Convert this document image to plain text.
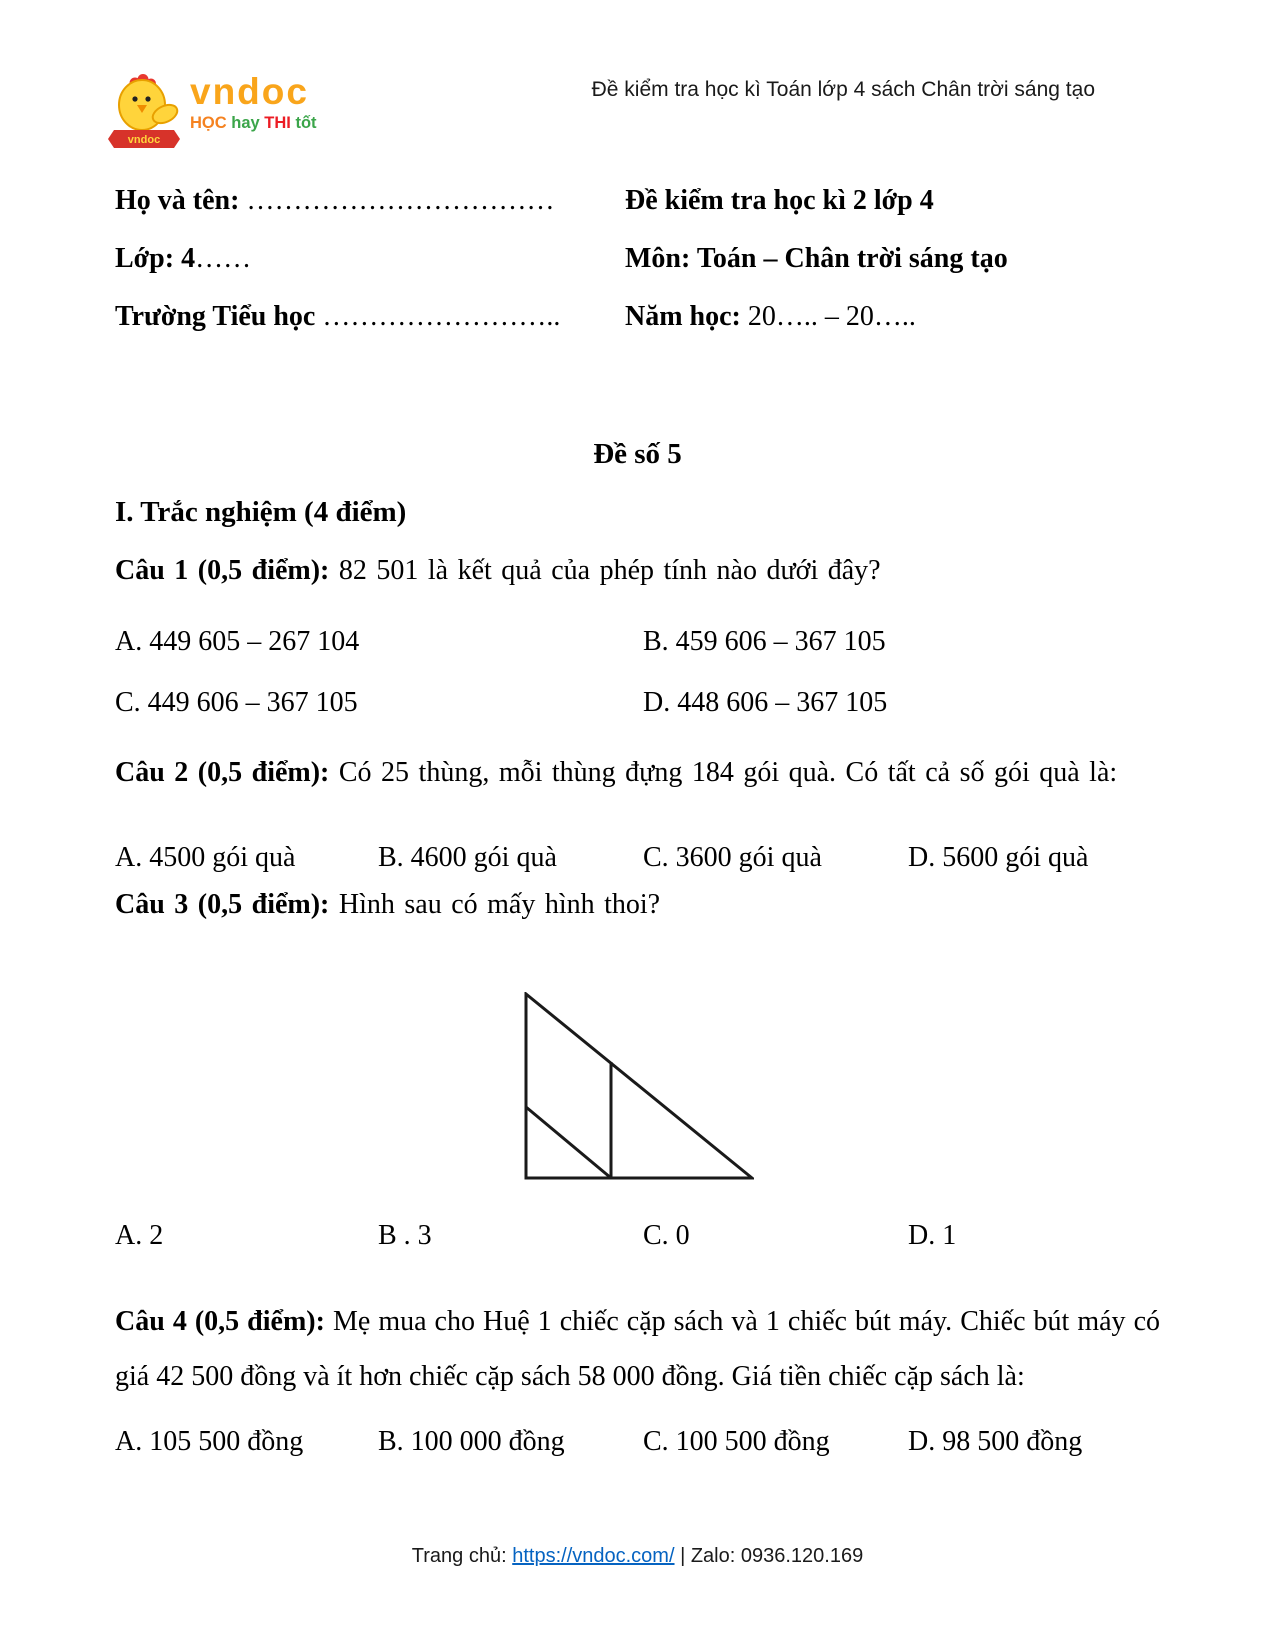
vndoc
vndoc
HỌC hay THI tốt
Đề kiểm tra học kì Toán lớp 4 sách Chân trời sáng tạo
Họ và tên: ……………………………	Đề kiểm tra học kì 2 lớp 4
Lớp: 4……	Môn: Toán – Chân trời sáng tạo
Trường Tiểu học ……………………..	Năm học: 20….. – 20…..
Đề số 5
I. Trắc nghiệm (4 điểm)

Câu 1 (0,5 điểm): 82 501 là kết quả của phép tính nào dưới đây?

A. 449 605 – 267 104	B. 459 606 – 367 105
C. 449 606 – 367 105	D. 448 606 – 367 105

Câu 2 (0,5 điểm): Có 25 thùng, mỗi thùng đựng 184 gói quà. Có tất cả số gói quà là:

A. 4500 gói quà	B. 4600 gói quà	C. 3600 gói quà	D. 5600 gói quà

Câu 3 (0,5 điểm): Hình sau có mấy hình thoi?

A. 2	B . 3	C. 0	D. 1

Câu 4 (0,5 điểm): Mẹ mua cho Huệ 1 chiếc cặp sách và 1 chiếc bút máy. Chiếc bút máy có giá 42 500 đồng và ít hơn chiếc cặp sách 58 000 đồng. Giá tiền chiếc cặp sách là:

A. 105 500 đồng	B. 100 000 đồng	C. 100 500 đồng	D. 98 500 đồng
Trang chủ: https://vndoc.com/ | Zalo: 0936.120.169
